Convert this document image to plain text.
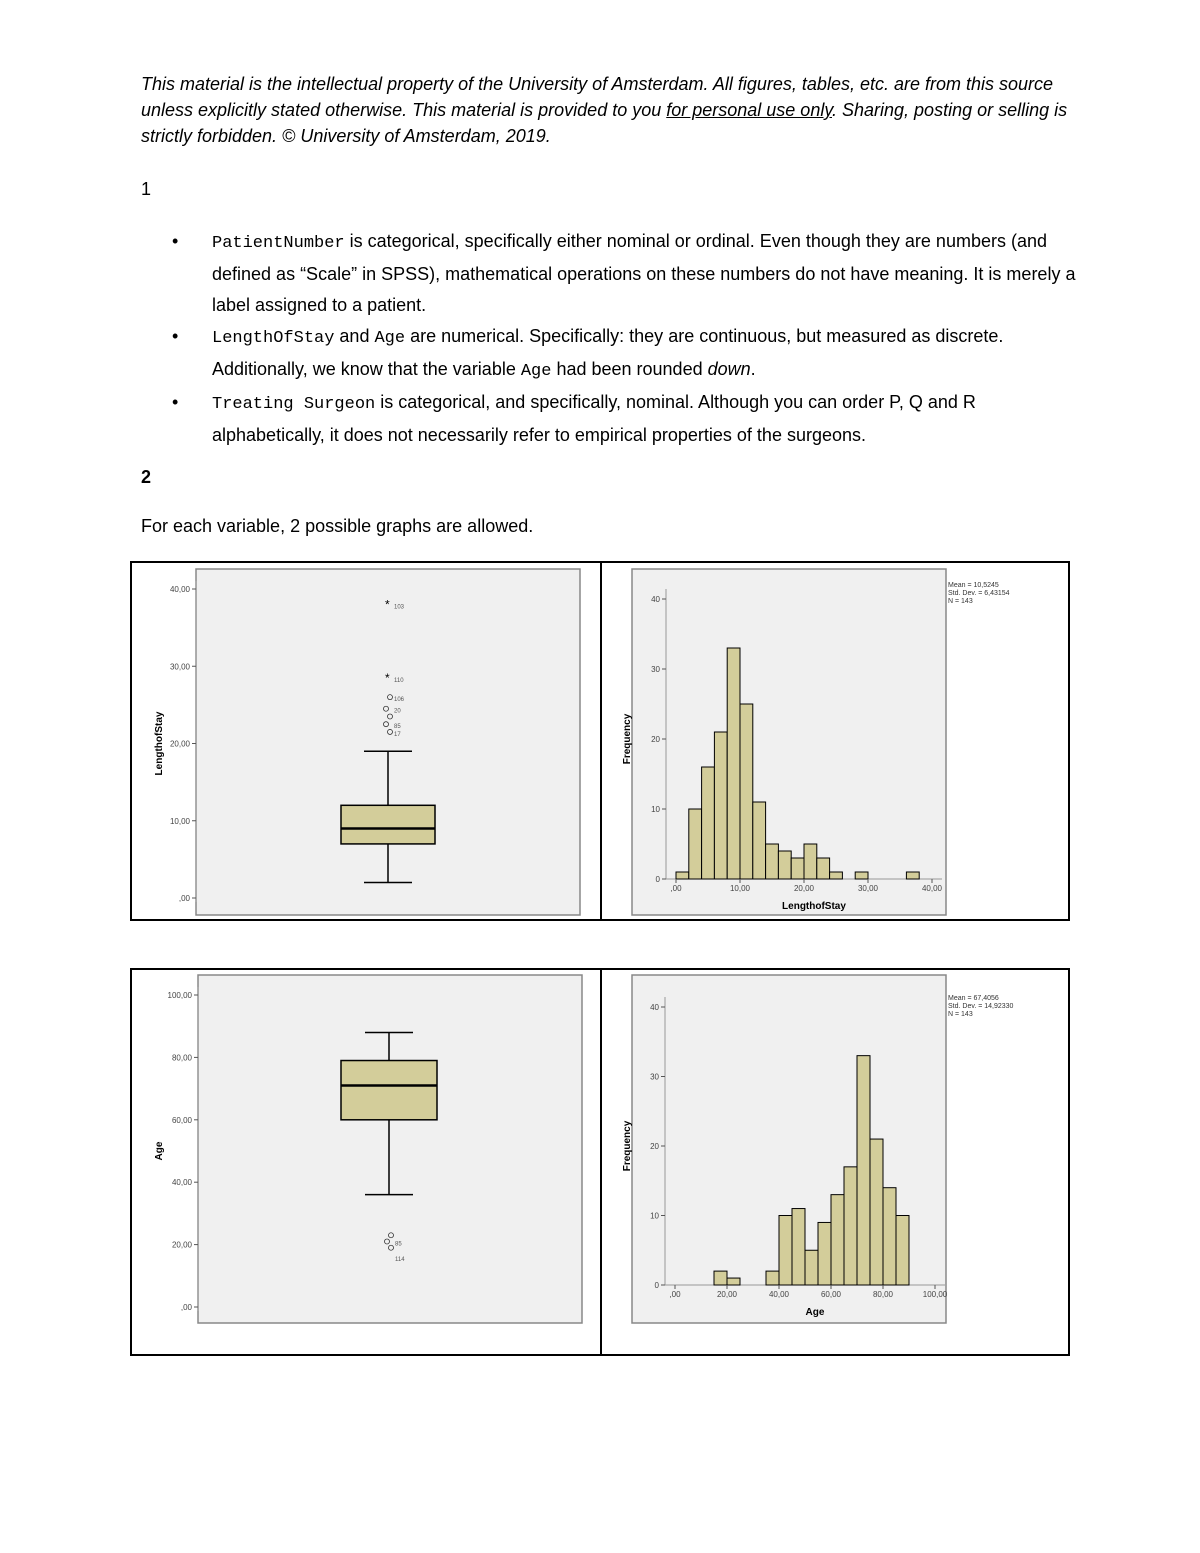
This material is the intellectual property of the University of Amsterdam. All figures, tables, etc. are from this source unless explicitly stated otherwise. This material is provided to you for personal use only. Sharing, posting or selling is strictly forbidden. © University of Amsterdam, 2019.

1

• PatientNumber is categorical, specifically either nominal or ordinal. Even though they are numbers (and defined as “Scale” in SPSS), mathematical operations on these numbers do not have meaning. It is merely a label assigned to a patient.
• LengthOfStay and Age are numerical. Specifically: they are continuous, but measured as discrete. Additionally, we know that the variable Age had been rounded down.
• Treating Surgeon is categorical, and specifically, nominal. Although you can order P, Q and R alphabetically, it does not necessarily refer to empirical properties of the surgeons.

2

For each variable, 2 possible graphs are allowed.

,00
10,00
20,00
30,00
40,00
LengthofStay
* 103
* 110
106
20
85
17
,00	10,00	20,00	30,00	40,00
0
10
20
30
40
LengthofStay
Frequency
Mean = 10,5245
Std. Dev. = 6,43154
N = 143
,00
20,00
40,00
60,00
80,00
100,00
Age
85
114
,00	20,00	40,00	60,00	80,00	100,00
0
10
20
30
40
Age
Frequency
Mean = 67,4056
Std. Dev. = 14,92330
N = 143
